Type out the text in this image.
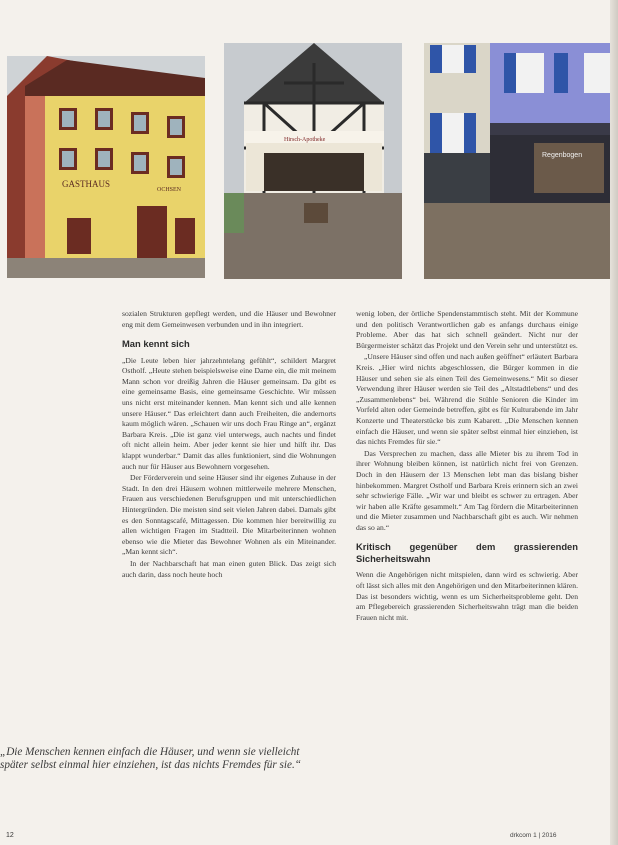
GASTHAUS
OCHSEN
Hirsch-Apotheke
Regenbogen

sozialen Strukturen gepflegt werden, und die Häuser und Bewohner eng mit dem Gemeinwesen verbunden und in ihn integriert.

Man kennt sich

„Die Leute leben hier jahrzehntelang gefühlt“, schildert Margret Ostholf. „Heute stehen beispielsweise eine Dame ein, die mit meinem Mann schon vor dreißig Jahren die Häuser gemeinsam. Da gibt es eine gemeinsame Basis, eine gemeinsame Geschichte. Wir müssen uns nicht erst miteinander kennen. Man kennt sich und alle kennen unsere Häuser.“ Das erleichtert dann auch Freiheiten, die andernorts kaum möglich wären. „Schauen wir uns doch Frau Ringe an“, ergänzt Barbara Kreis. „Die ist ganz viel unterwegs, auch nachts und findet oft nicht allein heim. Aber jeder kennt sie hier und hilft ihr. Das klappt wunderbar.“ Damit das alles funktioniert, sind die Wohnungen auch nur für Häuser aus Bewohnern vorgesehen.

Der Förderverein und seine Häuser sind ihr eigenes Zuhause in der Stadt. In den drei Häusern wohnen mittlerweile mehrere Menschen, Frauen aus verschiedenen Berufsgruppen und mit unterschiedlichen Hintergründen. Die meisten sind seit vielen Jahren dabei. Damals gibt es den Sonntagscafé, Mittagessen. Die kommen hier bereitwillig zu allen wichtigen Fragen im Stadtteil. Die Mitarbeiterinnen wohnen ebenso wie die Mieter das Bewohner Wohnen als ein Miteinander. „Man kennt sich“.

In der Nachbarschaft hat man einen guten Blick. Das zeigt sich auch darin, dass noch heute hoch

wenig loben, der örtliche Spendenstammtisch steht. Mit der Kommune und den politisch Verantwortlichen gab es anfangs durchaus einige Probleme. Aber das hat sich schnell geändert. Nicht nur der Bürgermeister schätzt das Projekt und den Verein sehr und unterstützt es.

„Unsere Häuser sind offen und nach außen geöffnet“ erläutert Barbara Kreis. „Hier wird nichts abgeschlossen, die Bürger kommen in die Häuser und sehen sie als einen Teil des Gemeinwesens.“ Mit so dieser Verwendung ihrer Häuser werden sie Teil des „Altstadtlebens“ und des „Zusammenlebens“ bei. Während die Stühle Senioren die Kinder im Vorfeld alten oder Gemeinde betreffen, gibt es für Kulturabende im Jahr Konzerte und Theaterstücke bis zum Kabarett. „Die Menschen kennen einfach die Häuser, und wenn sie später selbst einmal hier einziehen, ist das nichts Fremdes für sie.“

Das Versprechen zu machen, dass alle Mieter bis zu ihrem Tod in ihrer Wohnung bleiben können, ist natürlich nicht frei von Grenzen. Doch in den Häusern der 13 Menschen lebt man das bislang bisher hinbekommen. Margret Ostholf und Barbara Kreis erinnern sich an zwei sehr schwierige Fälle. „Wir war und bleibt es schwer zu ertragen. Aber wir haben alle Kräfte gesammelt.“ Am Tag fördern die Mitarbeiterinnen und die Mieter zusammen und Nachbarschaft gibt es auch. Wir nehmen das so an.“

Kritisch gegenüber dem grassierenden Sicherheitswahn

Wenn die Angehörigen nicht mitspielen, dann wird es schwierig. Aber oft lässt sich alles mit den Angehörigen und den Mitarbeiterinnen klären. Das ist besonders wichtig, wenn es um Sicherheitsprobleme geht. Den am Pflegebereich grassierenden Sicherheitswahn trägt man die beiden Frauen nicht mit.

„Die Menschen kennen einfach die Häuser, und wenn sie vielleicht später selbst einmal hier einziehen, ist das nichts Fremdes für sie.“
12	drkcom 1 | 2016
